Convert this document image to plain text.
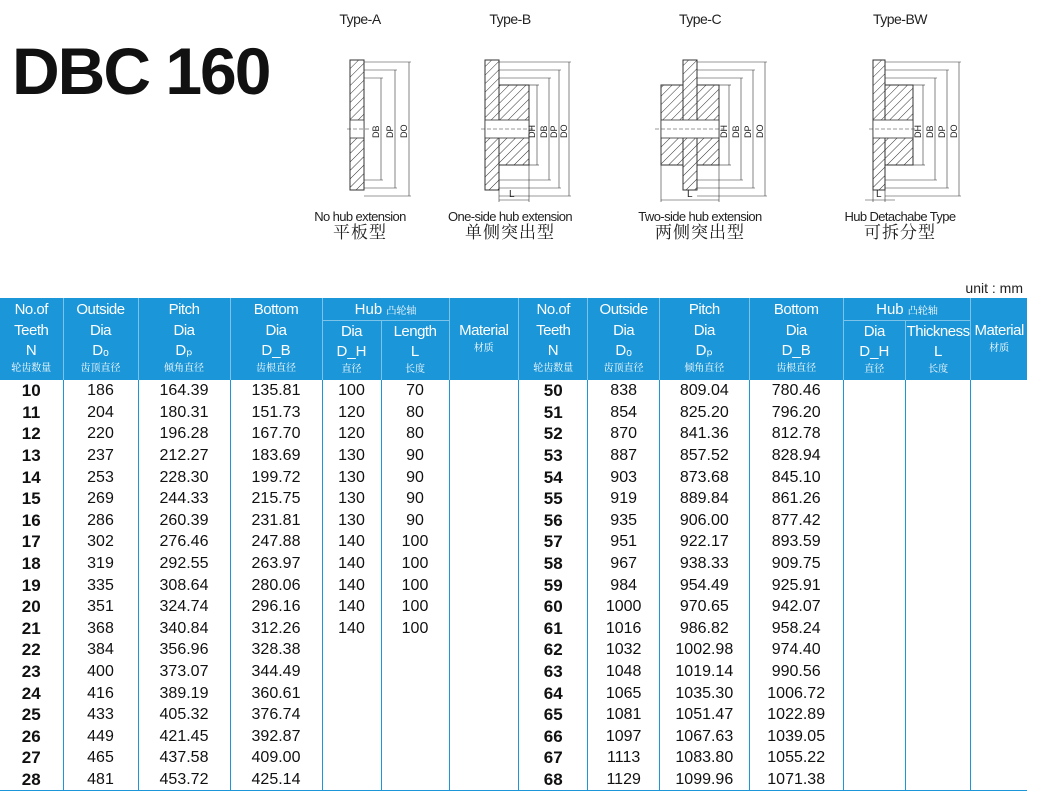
DBC 160
Type-A
DB DP DO
No hub extension
平板型
Type-B
L
DH DB DP DO
One-side hub extension
单侧突出型
Type-C
L
DH DB DP DO
Two-side hub extension
两侧突出型
Type-BW
L
DH DB DP DO
Hub Detachabe Type
可拆分型
unit : mm
No.of
Teeth
N
轮齿数量	Outside
Dia
Dₒ
齿顶直径	Pitch
Dia
Dₚ
倾角直径	Bottom
Dia
D_B
齿根直径	Hub 凸轮轴		Material
材质

				Dia
D_H
直径	Length
L
长度	

10	186	164.39	135.81	100	70	
11	204	180.31	151.73	120	80	
12	220	196.28	167.70	120	80	
13	237	212.27	183.69	130	90	
14	253	228.30	199.72	130	90	
15	269	244.33	215.75	130	90	
16	286	260.39	231.81	130	90	
17	302	276.46	247.88	140	100	
18	319	292.55	263.97	140	100	
19	335	308.64	280.06	140	100	
20	351	324.74	296.16	140	100	
21	368	340.84	312.26	140	100	
22	384	356.96	328.38			
23	400	373.07	344.49			
24	416	389.19	360.61			
25	433	405.32	376.74			
26	449	421.45	392.87			
27	465	437.58	409.00			
28	481	453.72	425.14			
No.of
Teeth
N
轮齿数量	Outside
Dia
Dₒ
齿顶直径	Pitch
Dia
Dₚ
倾角直径	Bottom
Dia
D_B
齿根直径	Hub 凸轮轴		Material
材质

				Dia
D_H
直径	Thickness
L
长度	

50	838	809.04	780.46			
51	854	825.20	796.20			
52	870	841.36	812.78			
53	887	857.52	828.94			
54	903	873.68	845.10			
55	919	889.84	861.26			
56	935	906.00	877.42			
57	951	922.17	893.59			
58	967	938.33	909.75			
59	984	954.49	925.91			
60	1000	970.65	942.07			
61	1016	986.82	958.24			
62	1032	1002.98	974.40			
63	1048	1019.14	990.56			
64	1065	1035.30	1006.72			
65	1081	1051.47	1022.89			
66	1097	1067.63	1039.05			
67	1113	1083.80	1055.22			
68	1129	1099.96	1071.38			
